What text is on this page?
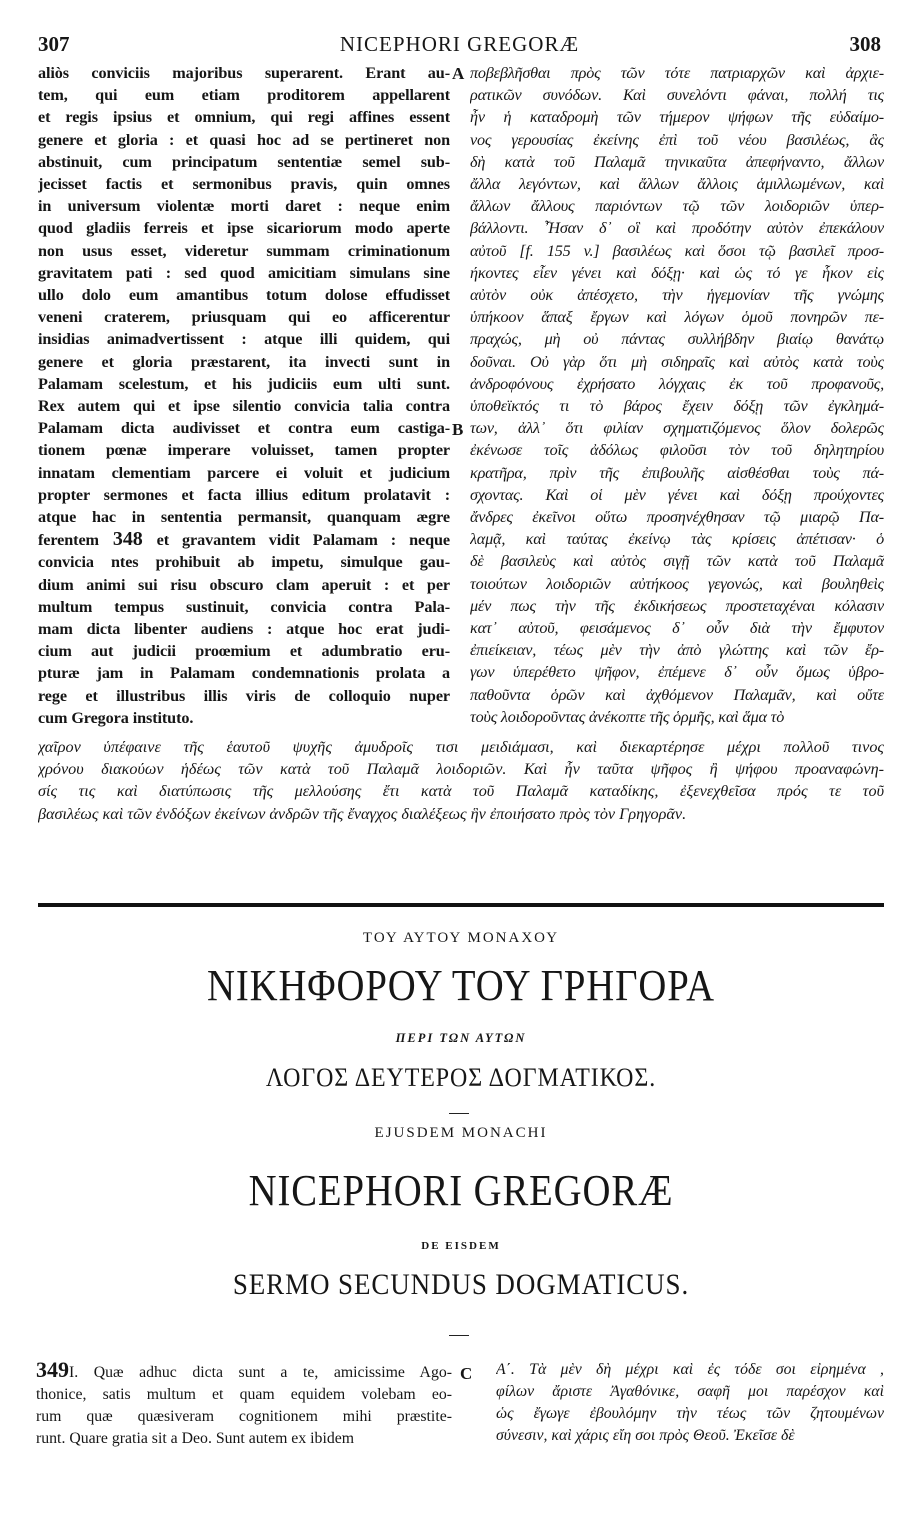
307	NICEPHORI GREGORÆ	308
aliòs conviciis majoribus superarent. Erant au-
tem, qui eum etiam proditorem appellarent
et regis ipsius et omnium, qui regi affines essent
genere et gloria : et quasi hoc ad se pertineret non
abstinuit, cum principatum sententiæ semel sub-
jecisset factis et sermonibus pravis, quin omnes
in universum violentæ morti daret : neque enim
quod gladiis ferreis et ipse sicariorum modo aperte
non usus esset, videretur summam criminationum
gravitatem pati : sed quod amicitiam simulans sine
ullo dolo eum amantibus totum dolose effudisset
veneni craterem, priusquam qui eo afficerentur
insidias animadvertissent : atque illi quidem, qui
genere et gloria præstarent, ita invecti sunt in
Palamam scelestum, et his judiciis eum ulti sunt.
Rex autem qui et ipse silentio convicia talia contra
Palamam dicta audivisset et contra eum castiga-
tionem pœnæ imperare voluisset, tamen propter
innatam clementiam parcere ei voluit et judicium
propter sermones et facta illius editum prolatavit :
atque hac in sententia permansit, quanquam ægre
ferentem 348 et gravantem vidit Palamam : neque
convicia ntes prohibuit ab impetu, simulque gau-
dium animi sui risu obscuro clam aperuit : et per
multum tempus sustinuit, convicia contra Pala-
mam dicta libenter audiens : atque hoc erat judi-
cium aut judicii proœmium et adumbratio eru-
pturæ jam in Palamam condemnationis prolata a
rege et illustribus illis viris de colloquio nuper
cum Gregora instituto.
ποβεβλῆσθαι πρὸς τῶν τότε πατριαρχῶν καὶ ἀρχιε-
ρατικῶν συνόδων. Καὶ συνελόντι φάναι, πολλή τις
ἦν ἡ καταδρομὴ τῶν τήμερον ψήφων τῆς εὐδαίμο-
νος γερουσίας ἐκείνης ἐπὶ τοῦ νέου βασιλέως, ἃς
δὴ κατὰ τοῦ Παλαμᾶ τηνικαῦτα ἀπεφήναντο, ἄλλων
ἄλλα λεγόντων, καὶ ἄλλων ἄλλοις ἁμιλλωμένων, καὶ
ἄλλων ἄλλους παριόντων τῷ τῶν λοιδοριῶν ὑπερ-
βάλλοντι. Ἦσαν δ᾽ οἳ καὶ προδότην αὐτὸν ἐπεκάλουν
αὐτοῦ [f. 155 v.] βασιλέως καὶ ὅσοι τῷ βασιλεῖ προσ-
ήκοντες εἶεν γένει καὶ δόξῃ· καὶ ὡς τό γε ἧκον εἰς
αὐτὸν οὐκ ἀπέσχετο, τὴν ἡγεμονίαν τῆς γνώμης
ὑπήκοον ἅπαξ ἔργων καὶ λόγων ὁμοῦ πονηρῶν πε-
πραχώς, μὴ οὐ πάντας συλλήβδην βιαίῳ θανάτῳ
δοῦναι. Οὐ γὰρ ὅτι μὴ σιδηραῖς καὶ αὐτὸς κατὰ τοὺς
ἀνδροφόνους ἐχρήσατο λόγχαις ἐκ τοῦ προφανοῦς,
ὑποθεϊκτός τι τὸ βάρος ἔχειν δόξῃ τῶν ἐγκλημά-
των, ἀλλ᾽ ὅτι φιλίαν σχηματιζόμενος ὅλον δολερῶς
ἐκένωσε τοῖς ἀδόλως φιλοῦσι τὸν τοῦ δηλητηρίου
κρατῆρα, πρὶν τῆς ἐπιβουλῆς αἰσθέσθαι τοὺς πά-
σχοντας. Καὶ οἱ μὲν γένει καὶ δόξῃ προύχοντες
ἄνδρες ἐκεῖνοι οὕτω προσηνέχθησαν τῷ μιαρῷ Πα-
λαμᾷ, καὶ ταύτας ἐκείνῳ τὰς κρίσεις ἀπέτισαν· ὁ
δὲ βασιλεὺς καὶ αὐτὸς σιγῇ τῶν κατὰ τοῦ Παλαμᾶ
τοιούτων λοιδοριῶν αὐτήκοος γεγονώς, καὶ βουληθεὶς
μέν πως τὴν τῆς ἐκδικήσεως προστεταχέναι κόλασιν
κατ᾽ αὐτοῦ, φεισάμενος δ᾽ οὖν διὰ τὴν ἔμφυτον
ἐπιείκειαν, τέως μὲν τὴν ἀπὸ γλώττης καὶ τῶν ἔρ-
γων ὑπερέθετο ψῆφον, ἐπέμενε δ᾽ οὖν ὅμως ὑβρο-
παθοῦντα ὁρῶν καὶ ἀχθόμενον Παλαμᾶν, καὶ οὔτε
τοὺς λοιδοροῦντας ἀνέκοπτε τῆς ὁρμῆς, καὶ ἅμα τὸ
A
B
χαῖρον ὑπέφαινε τῆς ἑαυτοῦ ψυχῆς ἀμυδροῖς τισι μειδιάμασι, καὶ διεκαρτέρησε μέχρι πολλοῦ τινος
χρόνου διακούων ἡδέως τῶν κατὰ τοῦ Παλαμᾶ λοιδοριῶν. Καὶ ἦν ταῦτα ψῆφος ἢ ψήφου προαναφώνη-
σίς τις καὶ διατύπωσις τῆς μελλούσης ἔτι κατὰ τοῦ Παλαμᾶ καταδίκης, ἐξενεχθεῖσα πρός τε τοῦ
βασιλέως καὶ τῶν ἐνδόξων ἐκείνων ἀνδρῶν τῆς ἔναγχος διαλέξεως ἣν ἐποιήσατο πρὸς τὸν Γρηγορᾶν.
ΤΟΥ ΑΥΤΟΥ ΜΟΝΑΧΟΥ
ΝΙΚΗΦΟΡΟΥ ΤΟΥ ΓΡΗΓΟΡΑ
ΠΕΡΙ ΤΩΝ ΑΥΤΩΝ
ΛΟΓΟΣ ΔΕΥΤΕΡΟΣ ΔΟΓΜΑΤΙΚΟΣ.
EJUSDEM MONACHI
NICEPHORI GREGORÆ
DE EISDEM
SERMO SECUNDUS DOGMATICUS.
349I. Quæ adhuc dicta sunt a te, amicissime Ago-
thonice, satis multum et quam equidem volebam eo-
rum quæ quæsiveram cognitionem mihi præstite-
runt. Quare gratia sit a Deo. Sunt autem ex ibidem
C Α΄. Τὰ μὲν δὴ μέχρι καὶ ἐς τόδε σοι εἰρημένα ,
φίλων ἄριστε Ἀγαθόνικε, σαφῆ μοι παρέσχον καὶ
ὡς ἔγωγε ἐβουλόμην τὴν τέως τῶν ζητουμένων
σύνεσιν, καὶ χάρις εἴη σοι πρὸς Θεοῦ. Ἐκεῖσε δὲ
